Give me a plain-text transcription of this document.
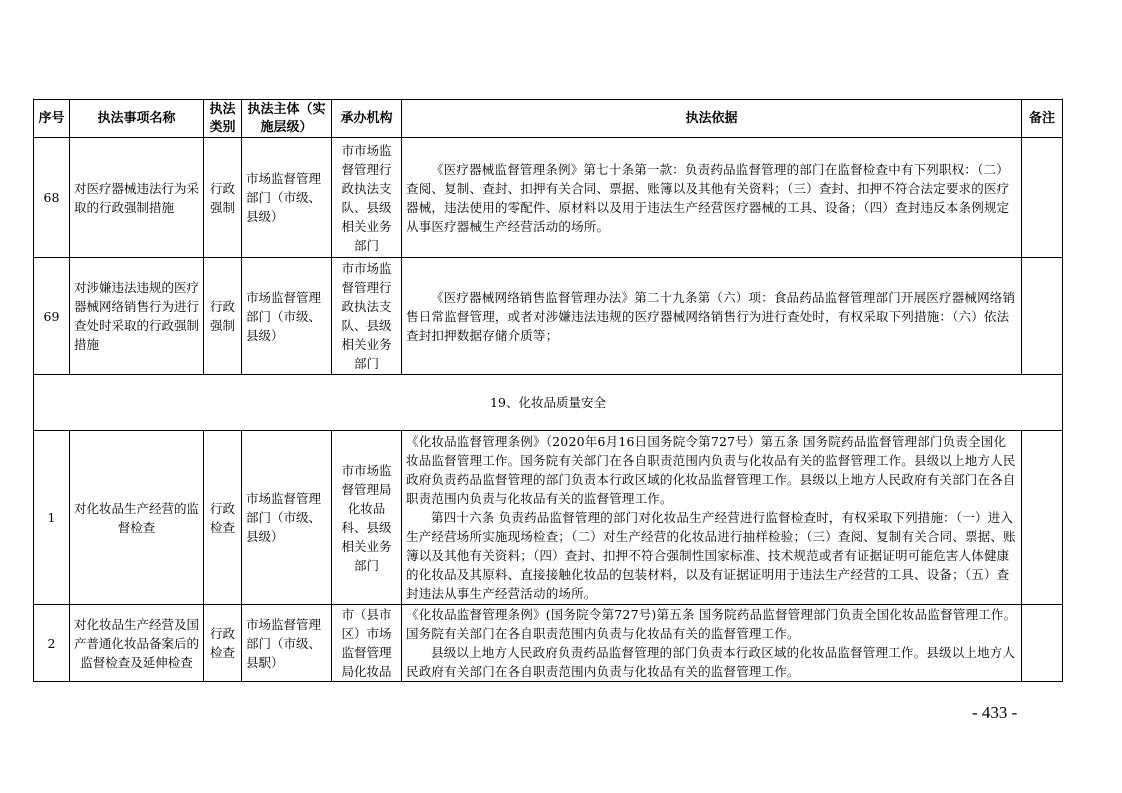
序号	执法事项名称	执法类别	执法主体（实施层级）	承办机构	执法依据	备注
68	对医疗器械违法行为采取的行政强制措施	行政强制	市场监督管理部门（市级、县级）	市市场监督管理行政执法支队、县级相关业务部门	《医疗器械监督管理条例》第七十条第一款：负责药品监督管理的部门在监督检查中有下列职权：（二）查阅、复制、查封、扣押有关合同、票据、账簿以及其他有关资料；（三）查封、扣押不符合法定要求的医疗器械，违法使用的零配件、原材料以及用于违法生产经营医疗器械的工具、设备；（四）查封违反本条例规定从事医疗器械生产经营活动的场所。	

69	对涉嫌违法违规的医疗器械网络销售行为进行查处时采取的行政强制措施	行政强制	市场监督管理部门（市级、县级）	市市场监督管理行政执法支队、县级相关业务部门	《医疗器械网络销售监督管理办法》第二十九条第（六）项：食品药品监督管理部门开展医疗器械网络销售日常监督管理，或者对涉嫌违法违规的医疗器械网络销售行为进行查处时，有权采取下列措施：（六）依法查封扣押数据存储介质等；	

19、化妆品质量安全						
1	对化妆品生产经营的监督检查	行政检查	市场监督管理部门（市级、县级）	市市场监督管理局化妆品科、县级相关业务部门	《化妆品监督管理条例》（2020年6月16日国务院令第727号）第五条 国务院药品监督管理部门负责全国化妆品监督管理工作。国务院有关部门在各自职责范围内负责与化妆品有关的监督管理工作。县级以上地方人民政府负责药品监督管理的部门负责本行政区域的化妆品监督管理工作。县级以上地方人民政府有关部门在各自职责范围内负责与化妆品有关的监督管理工作。

第四十六条 负责药品监督管理的部门对化妆品生产经营进行监督检查时，有权采取下列措施：（一）进入生产经营场所实施现场检查；（二）对生产经营的化妆品进行抽样检验；（三）查阅、复制有关合同、票据、账簿以及其他有关资料；（四）查封、扣押不符合强制性国家标准、技术规范或者有证据证明可能危害人体健康的化妆品及其原料、直接接触化妆品的包装材料，以及有证据证明用于违法生产经营的工具、设备；（五）查封违法从事生产经营活动的场所。	

2	对化妆品生产经营及国产普通化妆品备案后的监督检查及延伸检查	行政检查	市场监督管理部门（市级、县駅）	市（县市区）市场监督管理局化妆品	《化妆品监督管理条例》(国务院令第727号)第五条 国务院药品监督管理部门负责全国化妆品监督管理工作。国务院有关部门在各自职责范围内负责与化妆品有关的监督管理工作。

县级以上地方人民政府负责药品监督管理的部门负责本行政区域的化妆品监督管理工作。县级以上地方人民政府有关部门在各自职责范围内负责与化妆品有关的监督管理工作。	

- 433 -
